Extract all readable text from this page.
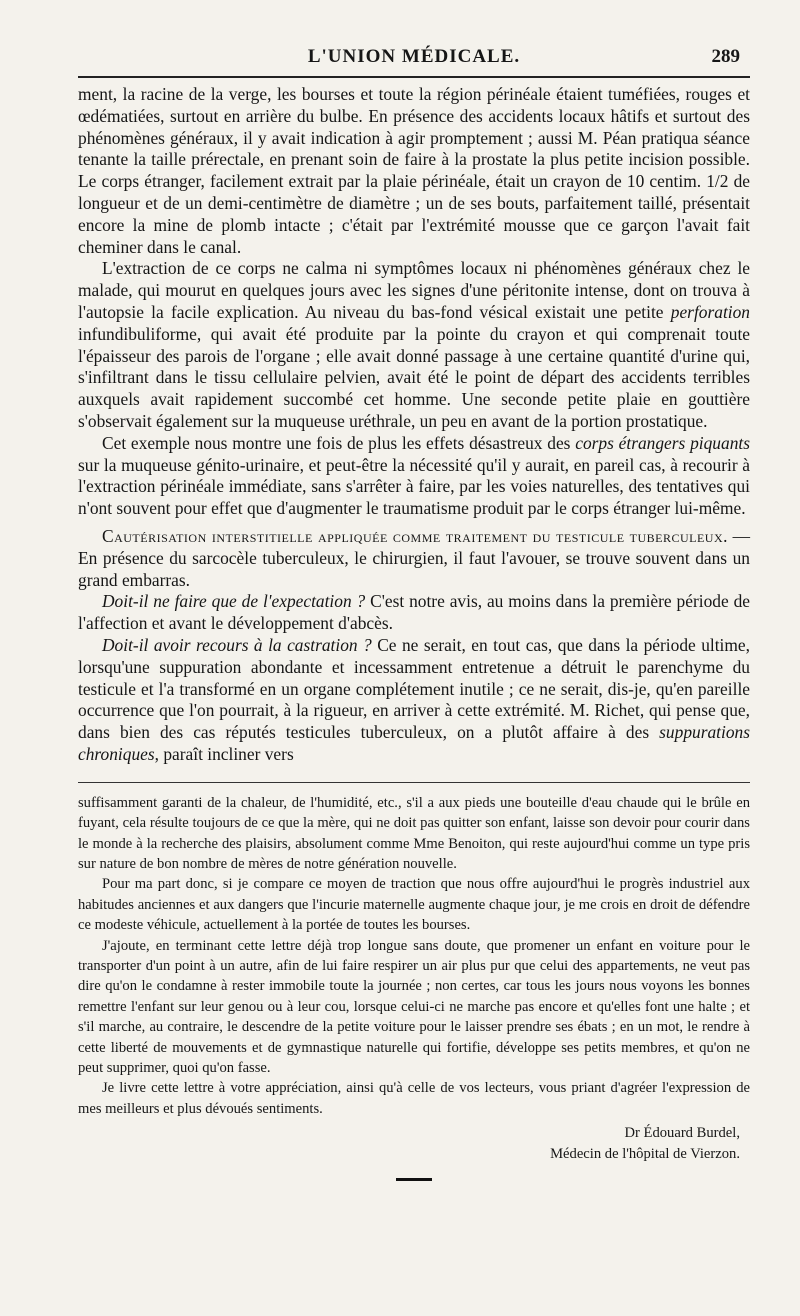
L'UNION MÉDICALE.	289

ment, la racine de la verge, les bourses et toute la région périnéale étaient tuméfiées, rouges et œdématiées, surtout en arrière du bulbe. En présence des accidents locaux hâtifs et surtout des phénomènes généraux, il y avait indication à agir promptement ; aussi M. Péan pratiqua séance tenante la taille prérectale, en prenant soin de faire à la prostate la plus petite incision possible. Le corps étranger, facilement extrait par la plaie périnéale, était un crayon de 10 centim. 1/2 de longueur et de un demi-centimètre de diamètre ; un de ses bouts, parfaitement taillé, présentait encore la mine de plomb intacte ; c'était par l'extrémité mousse que ce garçon l'avait fait cheminer dans le canal.

L'extraction de ce corps ne calma ni symptômes locaux ni phénomènes généraux chez le malade, qui mourut en quelques jours avec les signes d'une péritonite intense, dont on trouva à l'autopsie la facile explication. Au niveau du bas-fond vésical existait une petite perforation infundibuliforme, qui avait été produite par la pointe du crayon et qui comprenait toute l'épaisseur des parois de l'organe ; elle avait donné passage à une certaine quantité d'urine qui, s'infiltrant dans le tissu cellulaire pelvien, avait été le point de départ des accidents terribles auxquels avait rapidement succombé cet homme. Une seconde petite plaie en gouttière s'observait également sur la muqueuse uréthrale, un peu en avant de la portion prostatique.

Cet exemple nous montre une fois de plus les effets désastreux des corps étrangers piquants sur la muqueuse génito-urinaire, et peut-être la nécessité qu'il y aurait, en pareil cas, à recourir à l'extraction périnéale immédiate, sans s'arrêter à faire, par les voies naturelles, des tentatives qui n'ont souvent pour effet que d'augmenter le traumatisme produit par le corps étranger lui-même.

Cautérisation interstitielle appliquée comme traitement du testicule tuberculeux. — En présence du sarcocèle tuberculeux, le chirurgien, il faut l'avouer, se trouve souvent dans un grand embarras.

Doit-il ne faire que de l'expectation ? C'est notre avis, au moins dans la première période de l'affection et avant le développement d'abcès.

Doit-il avoir recours à la castration ? Ce ne serait, en tout cas, que dans la période ultime, lorsqu'une suppuration abondante et incessamment entretenue a détruit le parenchyme du testicule et l'a transformé en un organe complétement inutile ; ce ne serait, dis-je, qu'en pareille occurrence que l'on pourrait, à la rigueur, en arriver à cette extrémité. M. Richet, qui pense que, dans bien des cas réputés testicules tuberculeux, on a plutôt affaire à des suppurations chroniques, paraît incliner vers

suffisamment garanti de la chaleur, de l'humidité, etc., s'il a aux pieds une bouteille d'eau chaude qui le brûle en fuyant, cela résulte toujours de ce que la mère, qui ne doit pas quitter son enfant, laisse son devoir pour courir dans le monde à la recherche des plaisirs, absolument comme Mme Benoiton, qui reste aujourd'hui comme un type pris sur nature de bon nombre de mères de notre génération nouvelle.

Pour ma part donc, si je compare ce moyen de traction que nous offre aujourd'hui le progrès industriel aux habitudes anciennes et aux dangers que l'incurie maternelle augmente chaque jour, je me crois en droit de défendre ce modeste véhicule, actuellement à la portée de toutes les bourses.

J'ajoute, en terminant cette lettre déjà trop longue sans doute, que promener un enfant en voiture pour le transporter d'un point à un autre, afin de lui faire respirer un air plus pur que celui des appartements, ne veut pas dire qu'on le condamne à rester immobile toute la journée ; non certes, car tous les jours nous voyons les bonnes remettre l'enfant sur leur genou ou à leur cou, lorsque celui-ci ne marche pas encore et qu'elles font une halte ; et s'il marche, au contraire, le descendre de la petite voiture pour le laisser prendre ses ébats ; en un mot, le rendre à cette liberté de mouvements et de gymnastique naturelle qui fortifie, développe ses petits membres, et qu'on ne peut supprimer, quoi qu'on fasse.

Je livre cette lettre à votre appréciation, ainsi qu'à celle de vos lecteurs, vous priant d'agréer l'expression de mes meilleurs et plus dévoués sentiments.

Dr Édouard Burdel,

Médecin de l'hôpital de Vierzon.
